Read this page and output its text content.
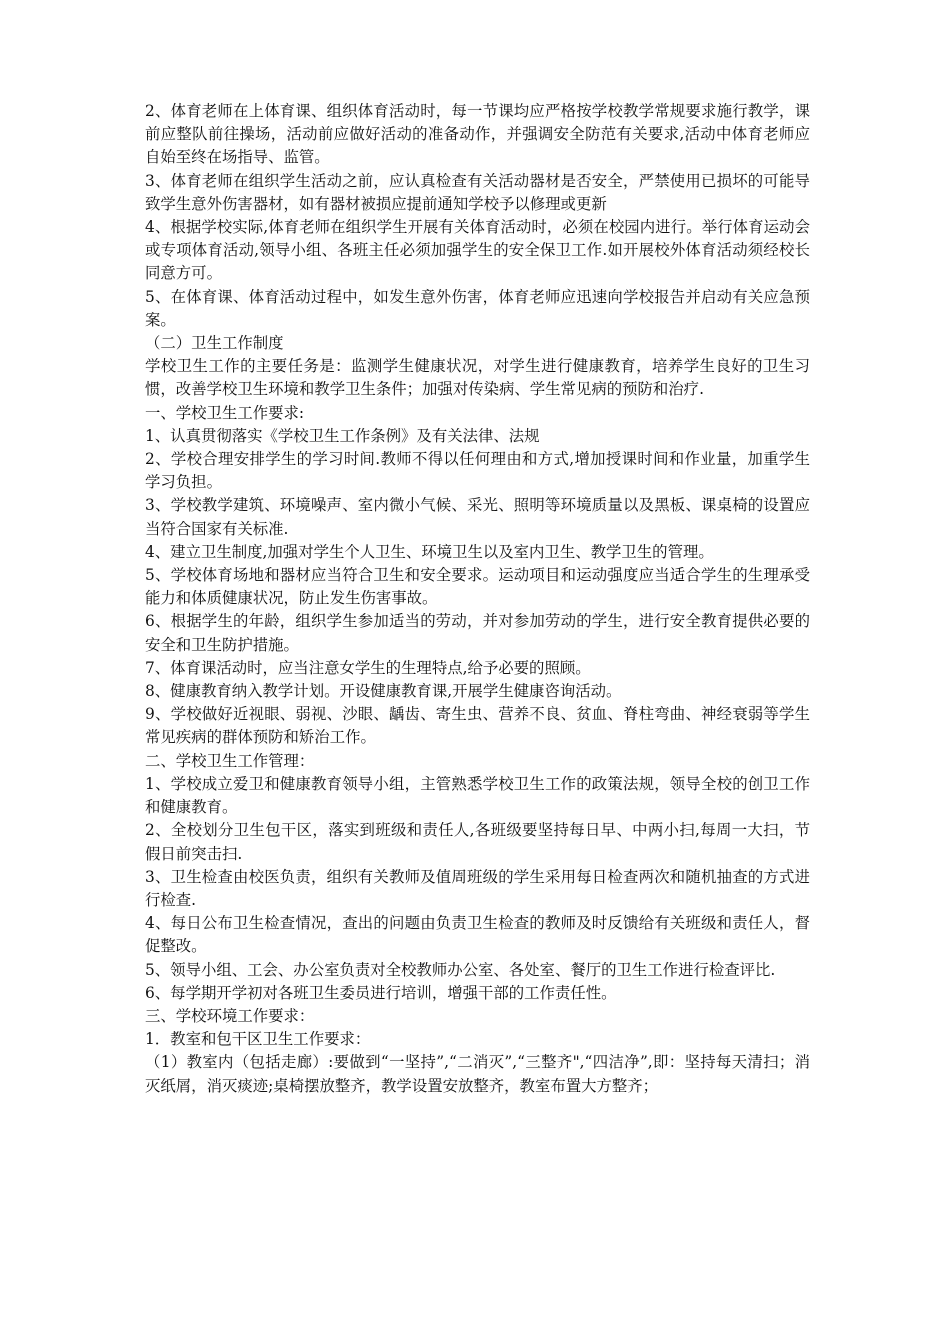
2、体育老师在上体育课、组织体育活动时，每一节课均应严格按学校教学常规要求施行教学，课前应整队前往操场，活动前应做好活动的准备动作，并强调安全防范有关要求,活动中体育老师应自始至终在场指导、监管。

3、体育老师在组织学生活动之前，应认真检查有关活动器材是否安全，严禁使用已损坏的可能导致学生意外伤害器材，如有器材被损应提前通知学校予以修理或更新

4、根据学校实际,体育老师在组织学生开展有关体育活动时，必须在校园内进行。举行体育运动会或专项体育活动,领导小组、各班主任必须加强学生的安全保卫工作.如开展校外体育活动须经校长同意方可。

5、在体育课、体育活动过程中，如发生意外伤害，体育老师应迅速向学校报告并启动有关应急预案。

（二）卫生工作制度

学校卫生工作的主要任务是：监测学生健康状况，对学生进行健康教育，培养学生良好的卫生习惯，改善学校卫生环境和教学卫生条件；加强对传染病、学生常见病的预防和治疗.

一、学校卫生工作要求:

1、认真贯彻落实《学校卫生工作条例》及有关法律、法规

2、学校合理安排学生的学习时间.教师不得以任何理由和方式,增加授课时间和作业量，加重学生学习负担。

3、学校教学建筑、环境噪声、室内微小气候、采光、照明等环境质量以及黑板、课桌椅的设置应当符合国家有关标准.

4、建立卫生制度,加强对学生个人卫生、环境卫生以及室内卫生、教学卫生的管理。

5、学校体育场地和器材应当符合卫生和安全要求。运动项目和运动强度应当适合学生的生理承受能力和体质健康状况，防止发生伤害事故。

6、根据学生的年龄，组织学生参加适当的劳动，并对参加劳动的学生，进行安全教育提供必要的安全和卫生防护措施。

7、体育课活动时，应当注意女学生的生理特点,给予必要的照顾。

8、健康教育纳入教学计划。开设健康教育课,开展学生健康咨询活动。

9、学校做好近视眼、弱视、沙眼、龋齿、寄生虫、营养不良、贫血、脊柱弯曲、神经衰弱等学生常见疾病的群体预防和矫治工作。

二、学校卫生工作管理：

1、学校成立爱卫和健康教育领导小组，主管熟悉学校卫生工作的政策法规，领导全校的创卫工作和健康教育。

2、全校划分卫生包干区，落实到班级和责任人,各班级要坚持每日早、中两小扫,每周一大扫，节假日前突击扫.

3、卫生检查由校医负责，组织有关教师及值周班级的学生采用每日检查两次和随机抽查的方式进行检查.

4、每日公布卫生检查情况，查出的问题由负责卫生检查的教师及时反馈给有关班级和责任人，督促整改。

5、领导小组、工会、办公室负责对全校教师办公室、各处室、餐厅的卫生工作进行检查评比.

6、每学期开学初对各班卫生委员进行培训，增强干部的工作责任性。

三、学校环境工作要求：

1．教室和包干区卫生工作要求：

（1）教室内（包括走廊）:要做到“一坚持”,“二消灭”,“三整齐",“四洁净”,即：坚持每天清扫；消灭纸屑，消灭痰迹;桌椅摆放整齐，教学设置安放整齐，教室布置大方整齐；
